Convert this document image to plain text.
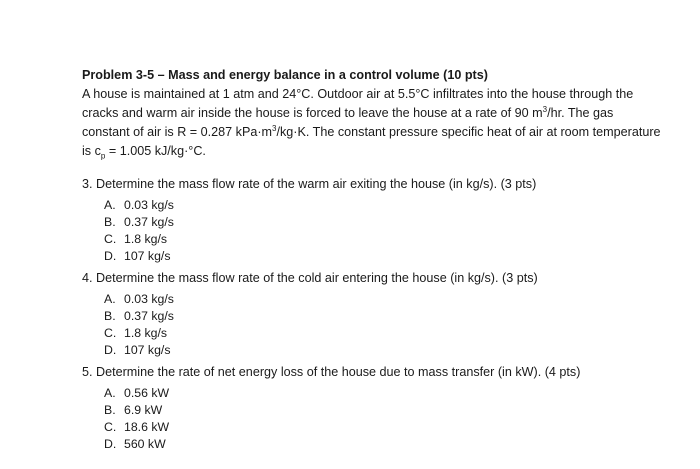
Problem 3-5 – Mass and energy balance in a control volume (10 pts)

A house is maintained at 1 atm and 24°C. Outdoor air at 5.5°C infiltrates into the house through the cracks and warm air inside the house is forced to leave the house at a rate of 90 $m^3/hr$. The gas constant of air is R = 0.287 $kPa\cdot m^3/kg\cdot K$. The constant pressure specific heat of air at room temperature is $c_p = 1.005$ kJ/kg·°C.

3. Determine the mass flow rate of the warm air exiting the house (in kg/s). (3 pts)

A. 0.03 kg/s
B. 0.37 kg/s
C. 1.8 kg/s
D. 107 kg/s

4. Determine the mass flow rate of the cold air entering the house (in kg/s). (3 pts)

A. 0.03 kg/s
B. 0.37 kg/s
C. 1.8 kg/s
D. 107 kg/s

5. Determine the rate of net energy loss of the house due to mass transfer (in kW). (4 pts)

A. 0.56 kW
B. 6.9 kW
C. 18.6 kW
D. 560 kW
